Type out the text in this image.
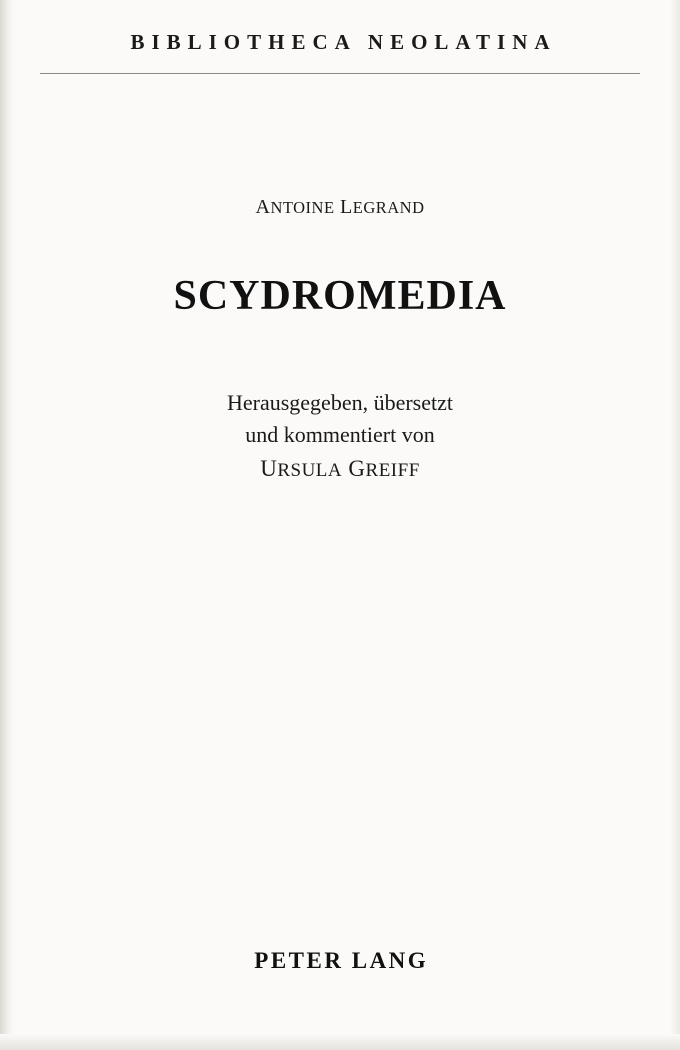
BIBLIOTHECA NEOLATINA
ANTOINE LEGRAND
SCYDROMEDIA
Herausgegeben, übersetzt
und kommentiert von
URSULA GREIFF
PETER LANG
